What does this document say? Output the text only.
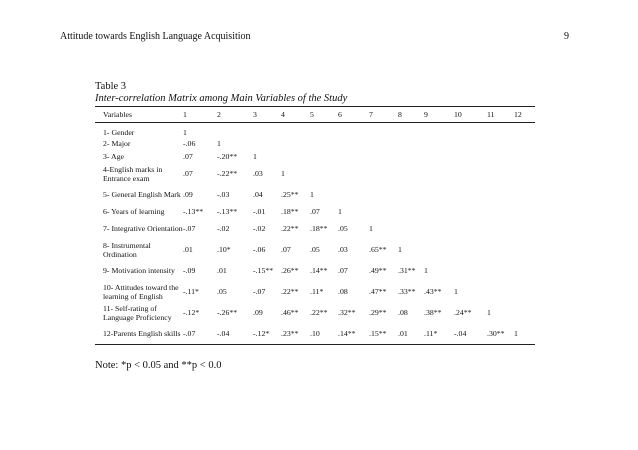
Attitude towards English Language Acquisition	9
Table 3
Inter-correlation Matrix among Main Variables of the Study
Variables	1	2	3	4	5	6	7	8	9	10	11	12
1- Gender	1											
2- Major	-.06	1										
3- Age	.07	-.20**	1									
4-English marks in Entrance exam	.07	-.22**	.03	1								
5- General English Mark	.09	-.03	.04	.25**	1							
6- Years of learning	-.13**	-.13**	-.01	.18**	.07	1						
7- Integrative Orientation	-.07	-.02	-.02	.22**	.18**	.05	1					
8- Instrumental Ordination	.01	.10*	-.06	.07	.05	.03	.65**	1				
9- Motivation intensity	-.09	.01	-.15**	.26**	.14**	.07	.49**	.31**	1			
10- Attitudes toward the learning of English	-.11*	.05	-.07	.22**	.11*	.08	.47**	.33**	.43**	1		
11- Self-rating of Language Proficiency	-.12*	-.26**	.09	.46**	.22**	.32**	.29**	.08	.38**	.24**	1	
12-Parents English skills	-.07	-.04	-.12*	.23**	.10	.14**	.15**	.01	.11*	-.04	.30**	1
Note: *p < 0.05 and **p < 0.0
